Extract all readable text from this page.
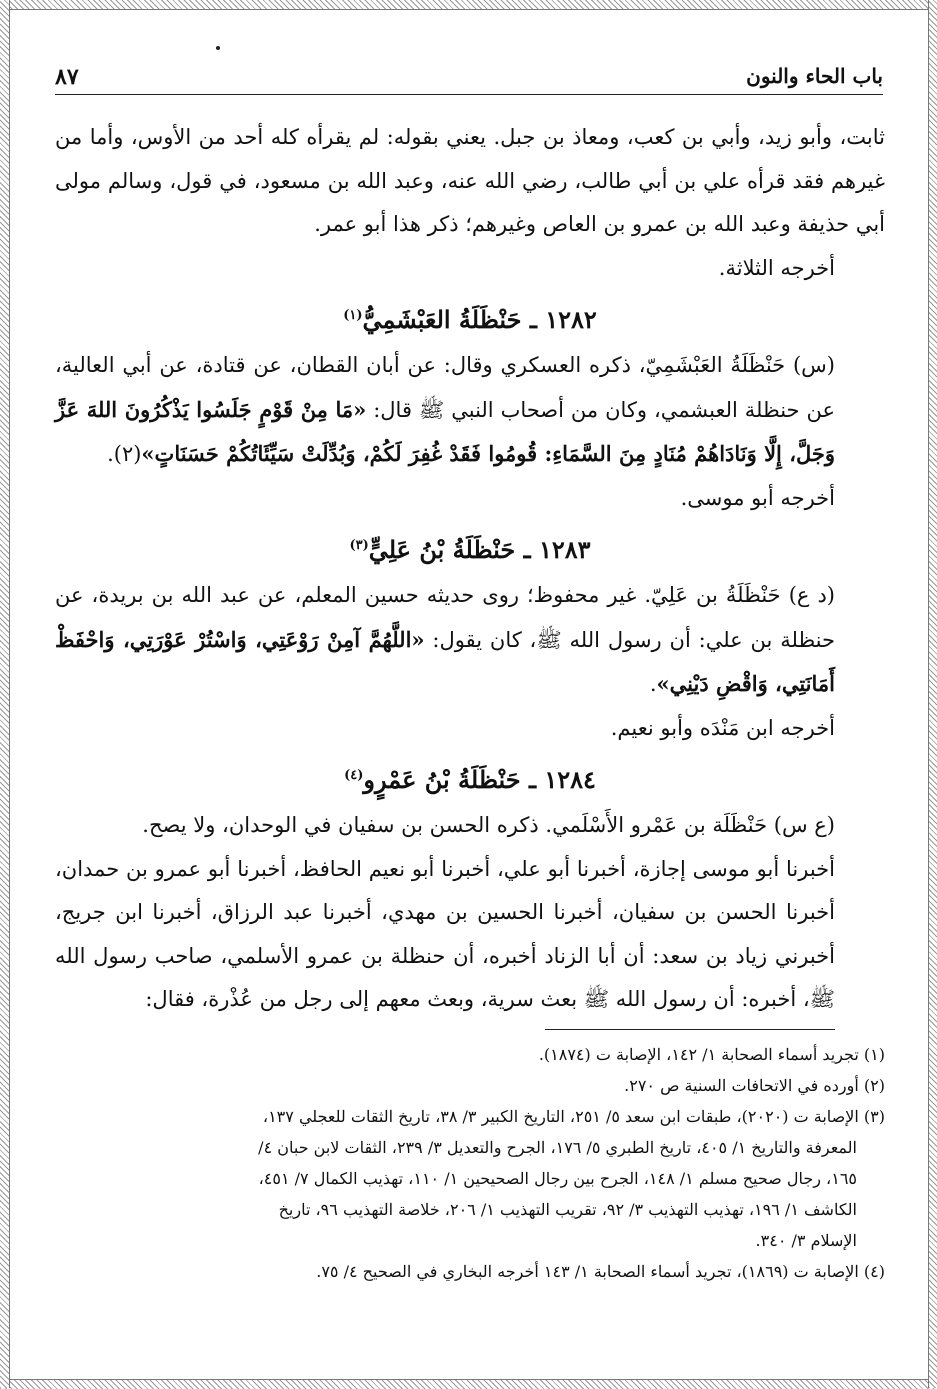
٨٧	باب الحاء والنون

ثابت، وأبو زيد، وأبي بن كعب، ومعاذ بن جبل. يعني بقوله: لم يقرأه كله أحد من الأوس، وأما من غيرهم فقد قرأه علي بن أبي طالب، رضي الله عنه، وعبد الله بن مسعود، في قول، وسالم مولى أبي حذيفة وعبد الله بن عمرو بن العاص وغيرهم؛ ذكر هذا أبو عمر.

أخرجه الثلاثة.

١٢٨٢ ـ حَنْظَلَةُ العَبْشَمِيُّ$^{(١)}$

(س) حَنْظَلَةُ العَبْشَمِيّ، ذكره العسكري وقال: عن أبان القطان، عن قتادة، عن أبي العالية، عن حنظلة العبشمي، وكان من أصحاب النبي ﷺ قال: «مَا مِنْ قَوْمٍ جَلَسُوا يَذْكُرُونَ اللهَ عَزَّ وَجَلَّ، إِلَّا وَنَادَاهُمْ مُنَادٍ مِنَ السَّمَاءِ: قُومُوا فَقَدْ غُفِرَ لَكُمْ، وَبُدِّلَتْ سَيِّئَاتُكُمْ حَسَنَاتٍ»(٢).

أخرجه أبو موسى.

١٢٨٣ ـ حَنْظَلَةُ بْنُ عَلِيٍّ$^{(٣)}$

(د ع) حَنْظَلَةُ بن عَلِيّ. غير محفوظ؛ روى حديثه حسين المعلم، عن عبد الله بن بريدة، عن حنظلة بن علي: أن رسول الله ﷺ، كان يقول: «اللَّهُمَّ آمِنْ رَوْعَتِي، وَاسْتُرْ عَوْرَتِي، وَاحْفَظْ أَمَانَتِي، وَاقْضِ دَيْنِي».

أخرجه ابن مَنْدَه وأبو نعيم.

١٢٨٤ ـ حَنْظَلَةُ بْنُ عَمْرٍو$^{(٤)}$

(ع س) حَنْظَلَة بن عَمْرو الأَسْلَمي. ذكره الحسن بن سفيان في الوحدان، ولا يصح.

أخبرنا أبو موسى إجازة، أخبرنا أبو علي، أخبرنا أبو نعيم الحافظ، أخبرنا أبو عمرو بن حمدان، أخبرنا الحسن بن سفيان، أخبرنا الحسين بن مهدي، أخبرنا عبد الرزاق، أخبرنا ابن جريج، أخبرني زياد بن سعد: أن أبا الزناد أخبره، أن حنظلة بن عمرو الأسلمي، صاحب رسول الله ﷺ، أخبره: أن رسول الله ﷺ بعث سرية، وبعث معهم إلى رجل من عُذْرة، فقال:

(١) تجريد أسماء الصحابة ١/ ١٤٢، الإصابة ت (١٨٧٤).

(٢) أورده في الاتحافات السنية ص ٢٧٠.

(٣) الإصابة ت (٢٠٢٠)، طبقات ابن سعد ٥/ ٢٥١، التاريخ الكبير ٣/ ٣٨، تاريخ الثقات للعجلي ١٣٧،

المعرفة والتاريخ ١/ ٤٠٥، تاريخ الطبري ٥/ ١٧٦، الجرح والتعديل ٣/ ٢٣٩، الثقات لابن حبان ٤/

١٦٥، رجال صحيح مسلم ١/ ١٤٨، الجرح بين رجال الصحيحين ١/ ١١٠، تهذيب الكمال ٧/ ٤٥١،

الكاشف ١/ ١٩٦، تهذيب التهذيب ٣/ ٩٢، تقريب التهذيب ١/ ٢٠٦، خلاصة التهذيب ٩٦، تاريخ

الإسلام ٣/ ٣٤٠.

(٤) الإصابة ت (١٨٦٩)، تجريد أسماء الصحابة ١/ ١٤٣ أخرجه البخاري في الصحيح ٤/ ٧٥.
